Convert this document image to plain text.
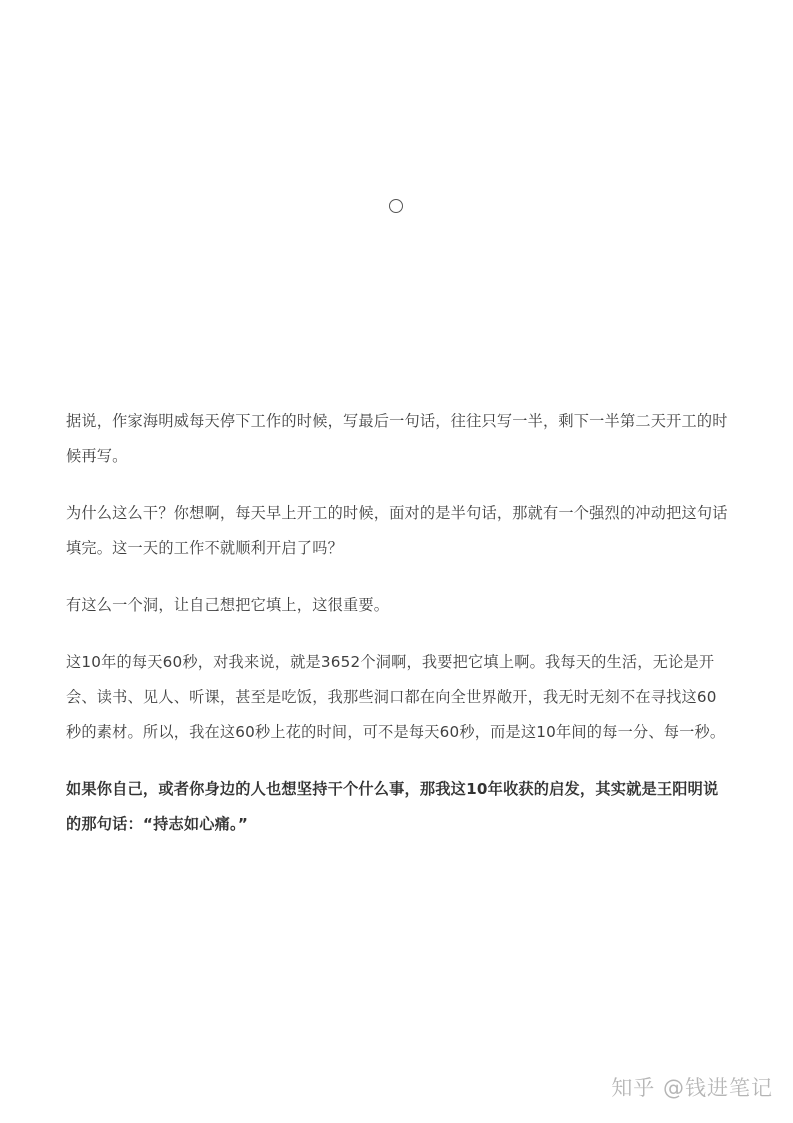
据说，作家海明威每天停下工作的时候，写最后一句话，往往只写一半，剩下一半第二天开工的时候再写。

为什么这么干？你想啊，每天早上开工的时候，面对的是半句话，那就有一个强烈的冲动把这句话填完。这一天的工作不就顺利开启了吗？

有这么一个洞，让自己想把它填上，这很重要。

这10年的每天60秒，对我来说，就是3652个洞啊，我要把它填上啊。我每天的生活，无论是开会、读书、见人、听课，甚至是吃饭，我那些洞口都在向全世界敞开，我无时无刻不在寻找这60秒的素材。所以，我在这60秒上花的时间，可不是每天60秒，而是这10年间的每一分、每一秒。

如果你自己，或者你身边的人也想坚持干个什么事，那我这10年收获的启发，其实就是王阳明说的那句话：“持志如心痛。”

知乎 @钱进笔记
